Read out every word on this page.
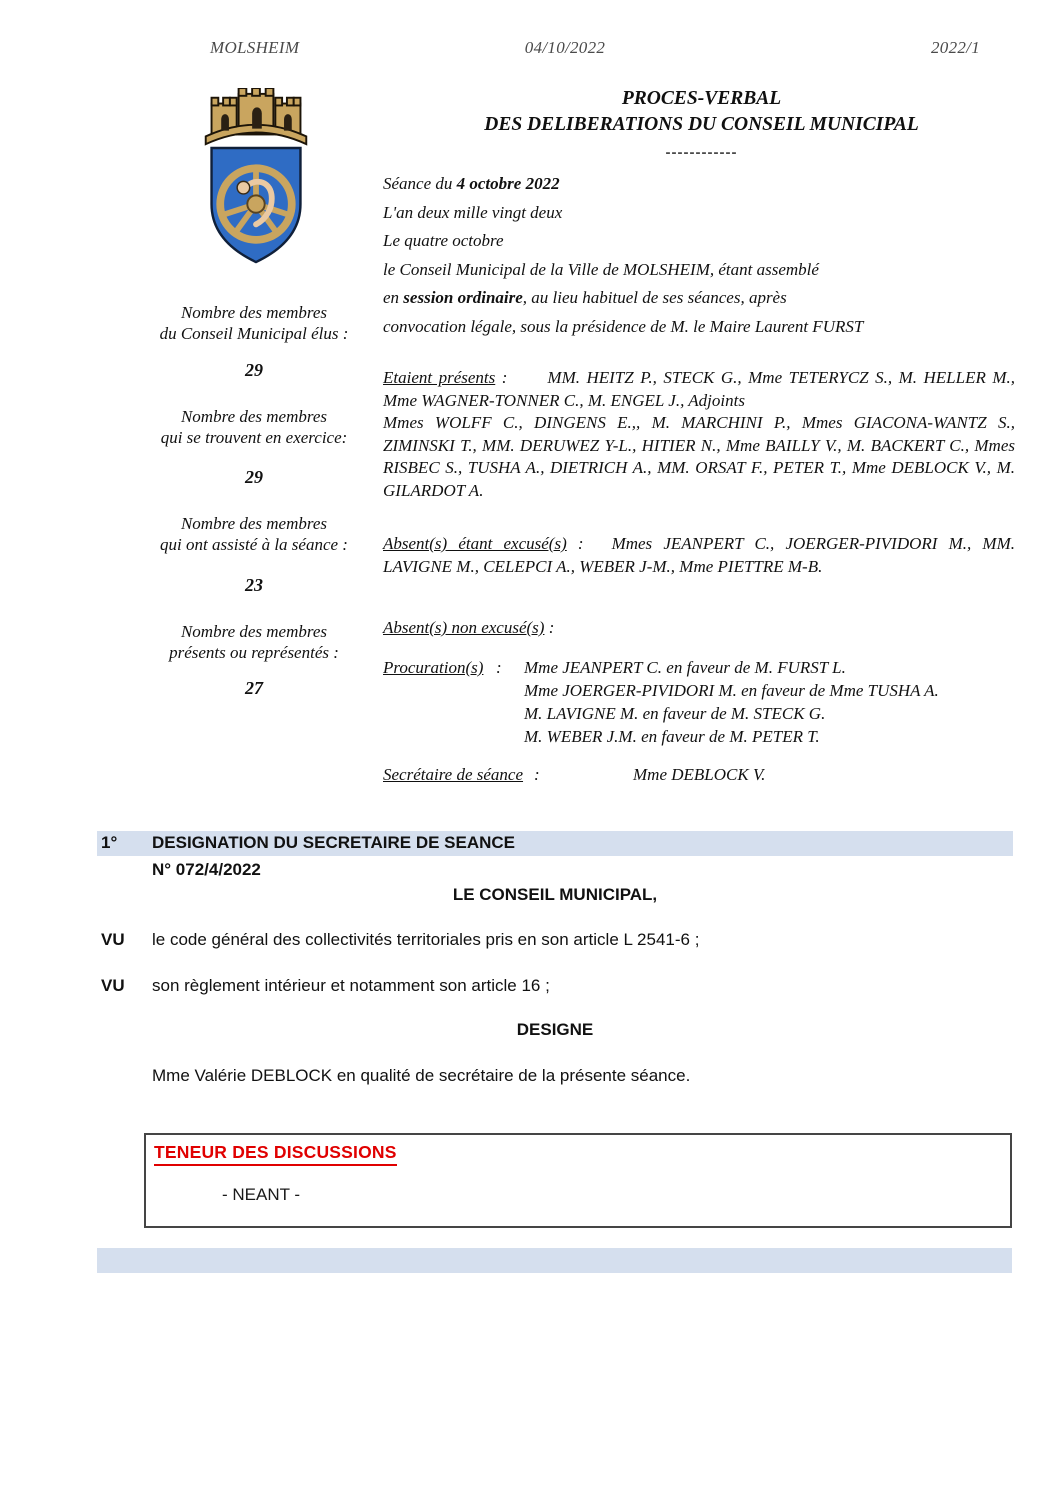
MOLSHEIM	04/10/2022	2022/1
PROCES-VERBAL
DES DELIBERATIONS DU CONSEIL MUNICIPAL
------------
Séance du 4 octobre 2022
L'an deux mille vingt deux
Le quatre octobre
le Conseil Municipal de la Ville de MOLSHEIM, étant assemblé
en session ordinaire, au lieu habituel de ses séances, après
convocation légale, sous la présidence de M. le Maire Laurent FURST
Nombre des membres
du Conseil Municipal élus :
29
Nombre des membres
qui se trouvent en exercice:
29
Nombre des membres
qui ont assisté à la séance :
23
Nombre des membres
présents ou représentés :
27
Etaient présents : MM. HEITZ P., STECK G., Mme TETERYCZ S., M. HELLER M., Mme WAGNER-TONNER C., M. ENGEL J., Adjoints
Mmes WOLFF C., DINGENS E.,, M. MARCHINI P., Mmes GIACONA-WANTZ S., ZIMINSKI T., MM. DERUWEZ Y-L., HITIER N., Mme BAILLY V., M. BACKERT C., Mmes RISBEC S., TUSHA A., DIETRICH A., MM. ORSAT F., PETER T., Mme DEBLOCK V., M. GILARDOT A.
Absent(s) étant excusé(s) : Mmes JEANPERT C., JOERGER-PIVIDORI M., MM. LAVIGNE M., CELEPCI A., WEBER J-M., Mme PIETTRE M-B.
Absent(s) non excusé(s) :
Procuration(s) : Mme JEANPERT C. en faveur de M. FURST L.
Mme JOERGER-PIVIDORI M. en faveur de Mme TUSHA A.
M. LAVIGNE M. en faveur de M. STECK G.
M. WEBER J.M. en faveur de M. PETER T.
Secrétaire de séance :	Mme DEBLOCK V.
1°	DESIGNATION DU SECRETAIRE DE SEANCE
N° 072/4/2022
LE CONSEIL MUNICIPAL,
VU le code général des collectivités territoriales pris en son article L 2541-6 ;
VU son règlement intérieur et notamment son article 16 ;
DESIGNE
Mme Valérie DEBLOCK en qualité de secrétaire de la présente séance.
TENEUR DES DISCUSSIONS
- NEANT -
